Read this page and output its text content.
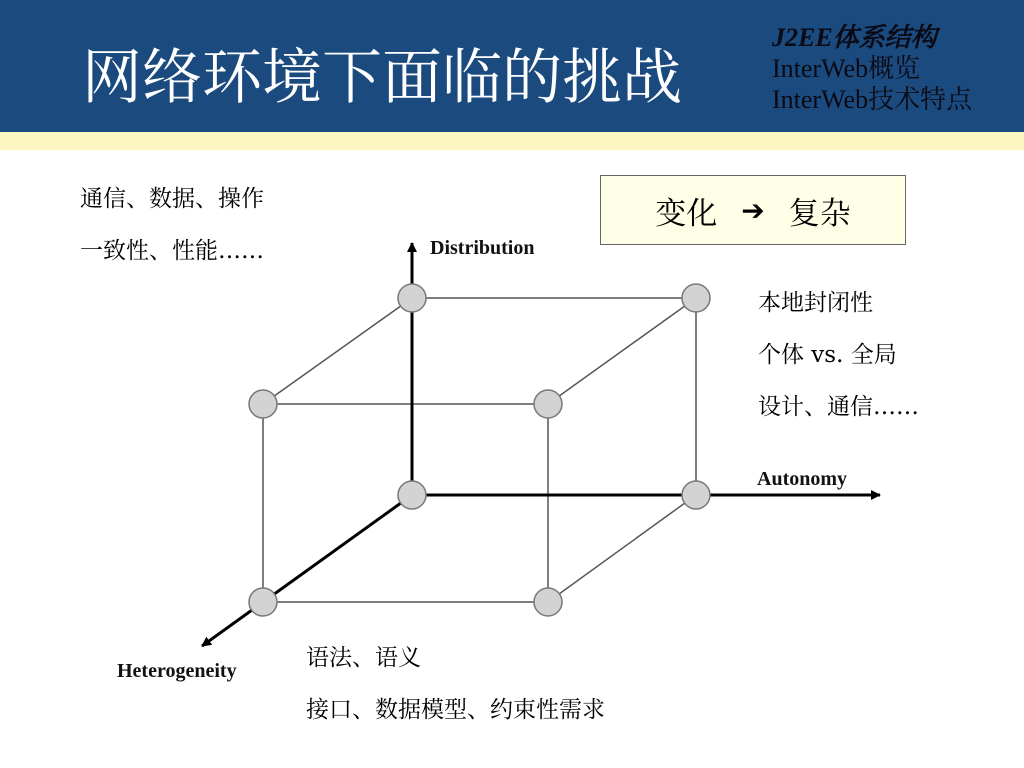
网络环境下面临的挑战
J2EE体系结构
InterWeb概览
InterWeb技术特点
通信、数据、操作
一致性、性能……
变化 ➔ 复杂
本地封闭性
个体 vs. 全局
设计、通信……
语法、语义
接口、数据模型、约束性需求
Distribution
Autonomy
Heterogeneity
